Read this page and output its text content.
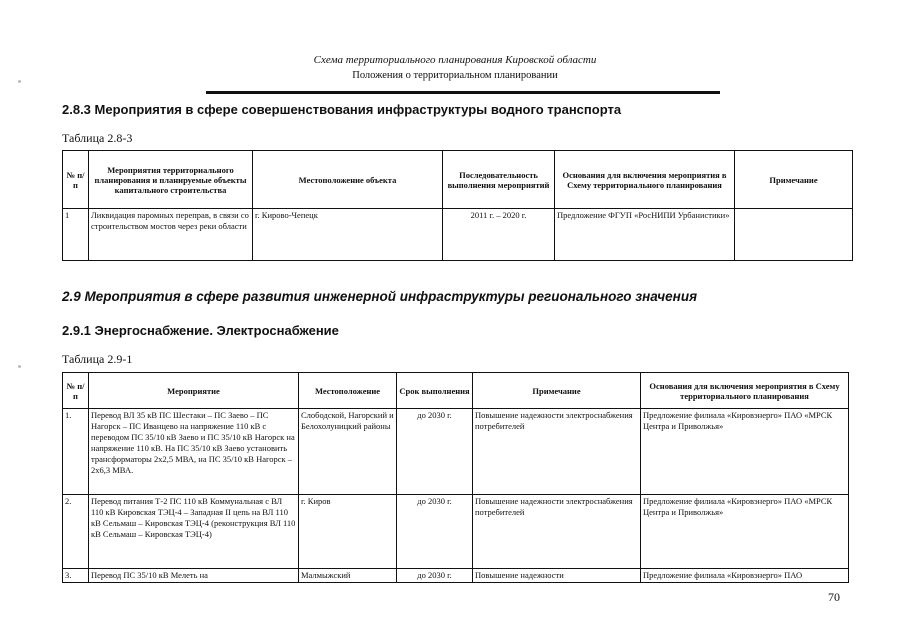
Схема территориального планирования Кировской области
Положения о территориальном планировании
2.8.3 Мероприятия в сфере совершенствования инфраструктуры водного транспорта
Таблица 2.8-3
№ п/п	Мероприятия территориального планирования и планируемые объекты капитального строительства	Местоположение объекта	Последовательность выполнения мероприятий	Основания для включения мероприятия в Схему территориального планирования	Примечание
1	Ликвидация паромных переправ, в связи со строительством мостов через реки области	г. Кирово-Чепецк	2011 г. – 2020 г.	Предложение ФГУП «РосНИПИ Урбанистики»	
2.9 Мероприятия в сфере развития инженерной инфраструктуры регионального значения
2.9.1 Энергоснабжение. Электроснабжение
Таблица 2.9-1
№ п/п	Мероприятие	Местоположение	Срок выполнения	Примечание	Основания для включения мероприятия в Схему территориального планирования
1.	Перевод ВЛ 35 кВ ПС Шестаки – ПС Заево – ПС Нагорск – ПС Иванцево на напряжение 110 кВ с переводом ПС 35/10 кВ Заево и ПС 35/10 кВ Нагорск на напряжение 110 кВ. На ПС 35/10 кВ Заево установить трансформаторы 2х2,5 МВА, на ПС 35/10 кВ Нагорск – 2х6,3 МВА.	Слободской, Нагорский и Белохолуницкий районы	до 2030 г.	Повышение надежности электроснабжения потребителей	Предложение филиала «Кировэнерго» ПАО «МРСК Центра и Приволжья»
2.	Перевод питания Т-2 ПС 110 кВ Коммунальная с ВЛ 110 кВ Кировская ТЭЦ-4 – Западная II цепь на ВЛ 110 кВ Сельмаш – Кировская ТЭЦ-4 (реконструкция ВЛ 110 кВ Сельмаш – Кировская ТЭЦ-4)	г. Киров	до 2030 г.	Повышение надежности электроснабжения потребителей	Предложение филиала «Кировэнерго» ПАО «МРСК Центра и Приволжья»
3.	Перевод ПС 35/10 кВ Мелеть на	Малмыжский	до 2030 г.	Повышение надежности	Предложение филиала «Кировэнерго» ПАО
70
